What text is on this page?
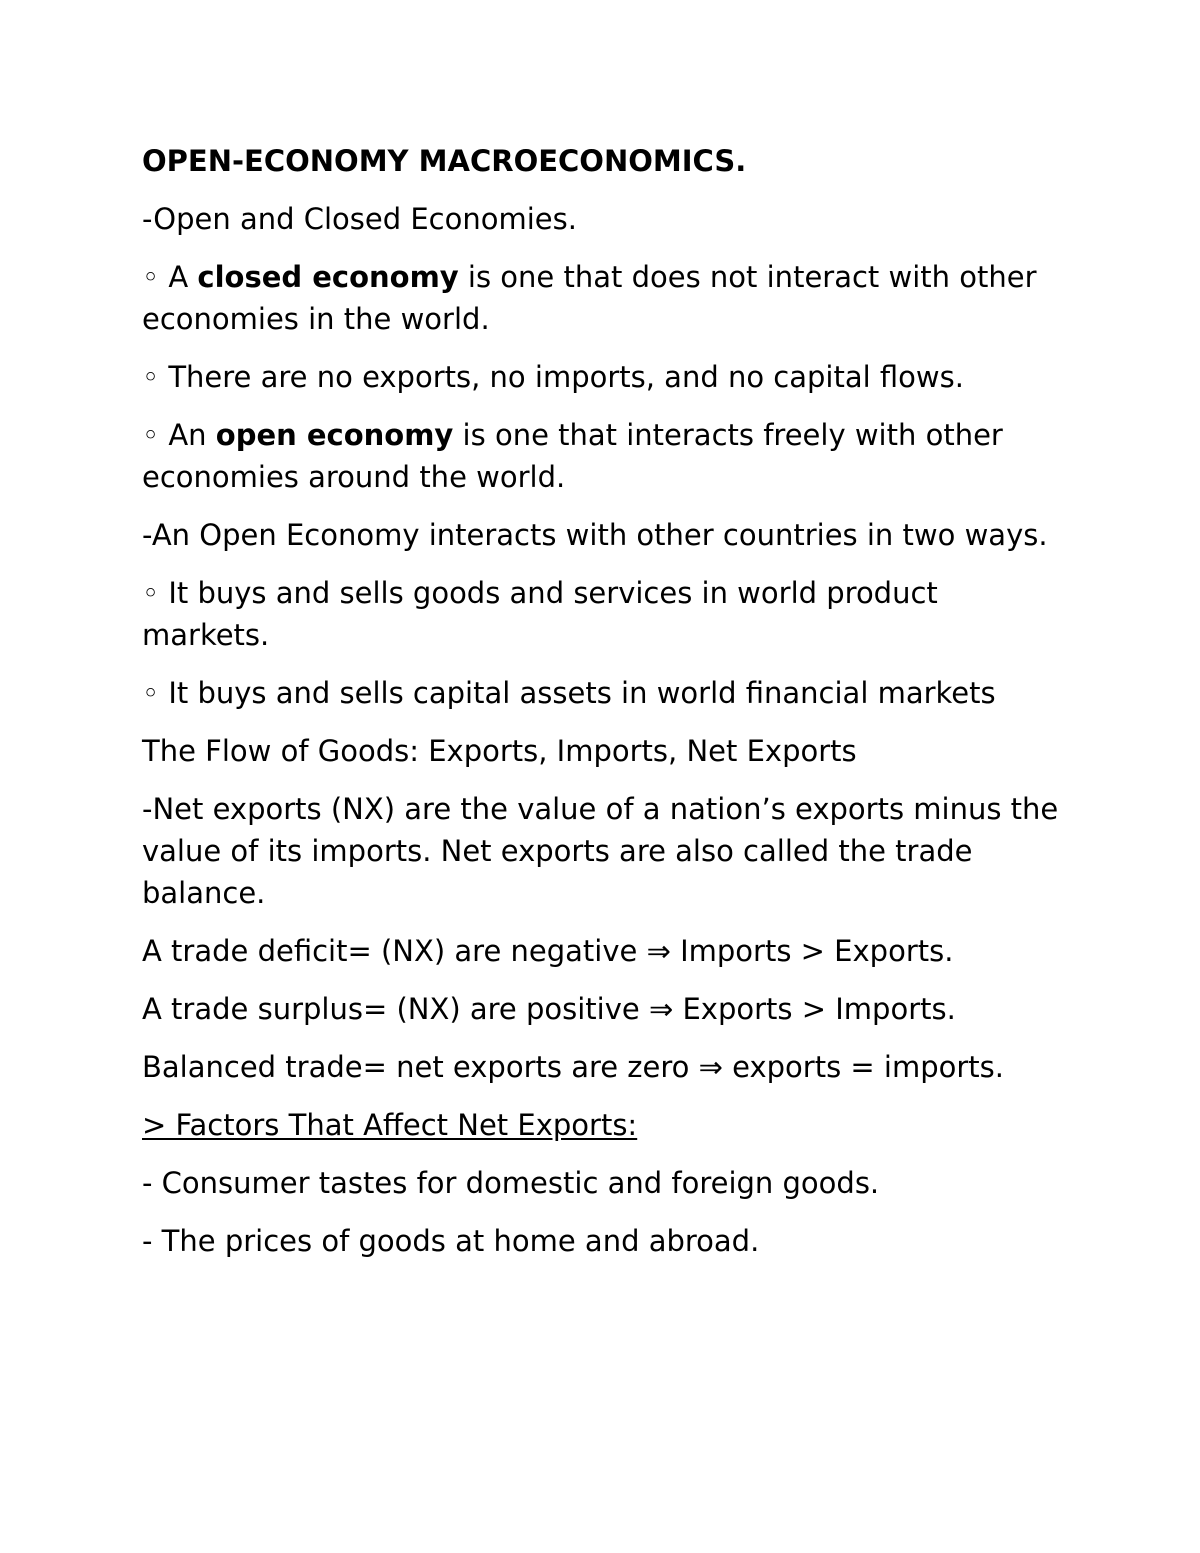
OPEN-ECONOMY MACROECONOMICS.

-Open and Closed Economies.

◦ A closed economy is one that does not interact with other economies in the world.

◦ There are no exports, no imports, and no capital flows.

◦ An open economy is one that interacts freely with other economies around the world.

-An Open Economy interacts with other countries in two ways.

◦ It buys and sells goods and services in world product markets.

◦ It buys and sells capital assets in world financial markets

The Flow of Goods: Exports, Imports, Net Exports

-Net exports (NX) are the value of a nation’s exports minus the value of its imports. Net exports are also called the trade balance.

A trade deficit= (NX) are negative ⇒ Imports > Exports.

A trade surplus= (NX) are positive ⇒ Exports > Imports.

Balanced trade= net exports are zero ⇒ exports = imports.

> Factors That Affect Net Exports:

- Consumer tastes for domestic and foreign goods.

- The prices of goods at home and abroad.
